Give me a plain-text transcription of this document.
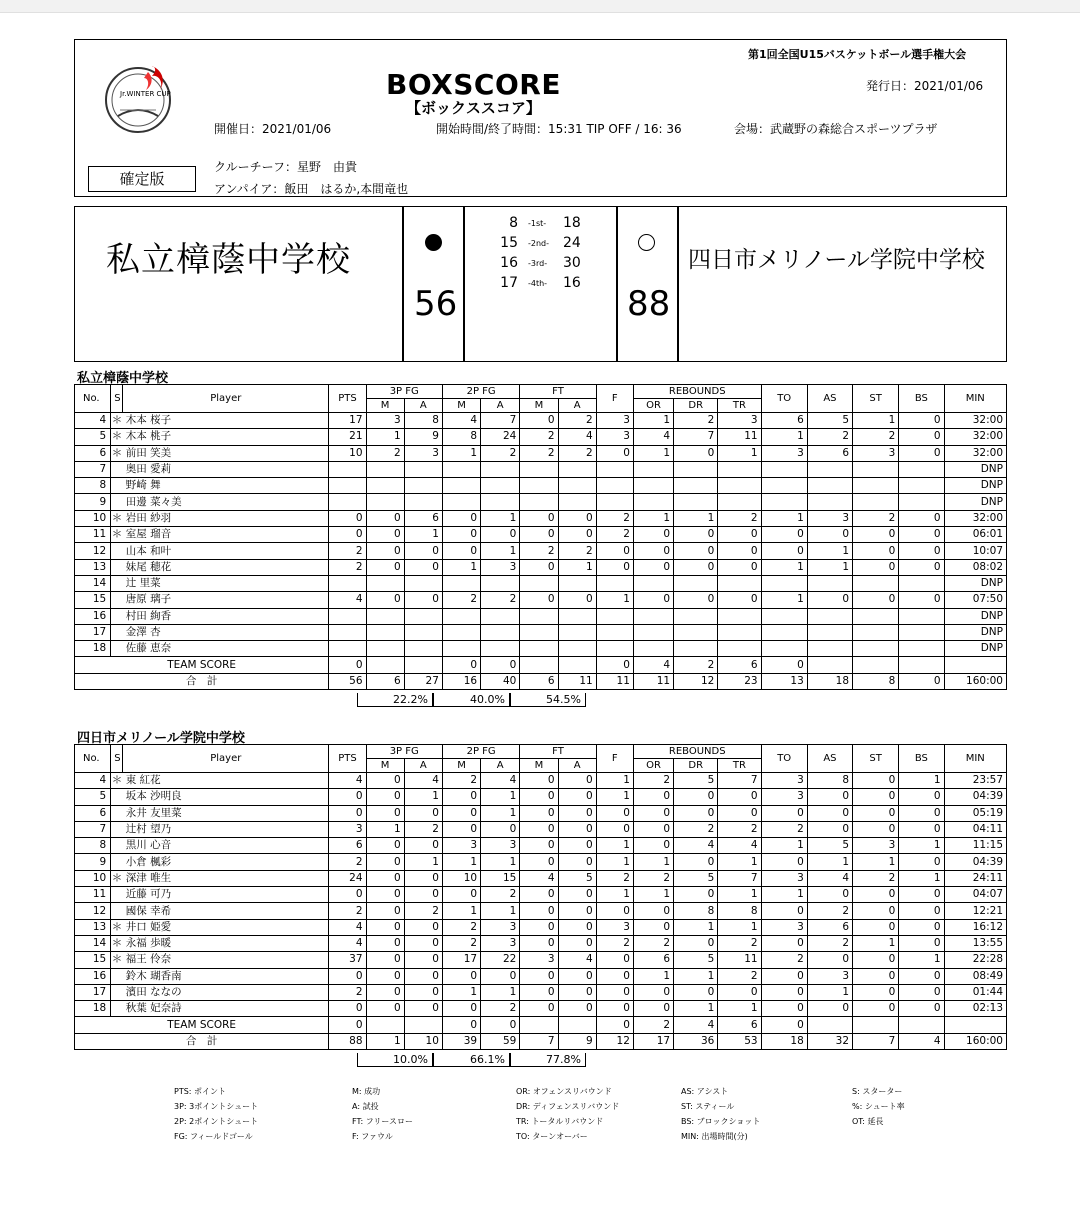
Jr.WINTER CUP
第1回全国U15バスケットボール選手権大会
BOXSCORE
【ボックススコア】
発行日：2021/01/06
開催日：2021/01/06	開始時間/終了時間：15:31 TIP OFF / 16: 36	会場：武蔵野の森総合スポーツプラザ
確定版
クルーチーフ：星野　由貴
アンパイア：飯田　はるか,本間竜也
私立樟蔭中学校	四日市メリノール学院中学校
56	88
8 -1st- 18
15 -2nd- 24
16 -3rd- 30
17 -4th- 16
私立樟蔭中学校
No.	S	Player	PTS	3P FG		2P FG		FT		F	REBOUNDS			TO	AS	ST	BS	MIN
				M	A	M	A	M	A		OR	DR	TR					
4	＊	木本 桜子	17	3	8	4	7	0	2	3	1	2	3	6	5	1	0	32:00
5	＊	木本 桃子	21	1	9	8	24	2	4	3	4	7	11	1	2	2	0	32:00
6	＊	前田 笑美	10	2	3	1	2	2	2	0	1	0	1	3	6	3	0	32:00
7		奥田 愛莉																DNP
8		野崎 舞																DNP
9		田邊 菜々美																DNP
10	＊	岩田 紗羽	0	0	6	0	1	0	0	2	1	1	2	1	3	2	0	32:00
11	＊	室屋 瑠音	0	0	1	0	0	0	0	2	0	0	0	0	0	0	0	06:01
12		山本 和叶	2	0	0	0	1	2	2	0	0	0	0	0	1	0	0	10:07
13		妹尾 穂花	2	0	0	1	3	0	1	0	0	0	0	1	1	0	0	08:02
14		辻 里菜																DNP
15		唐原 璃子	4	0	0	2	2	0	0	1	0	0	0	1	0	0	0	07:50
16		村田 絢香																DNP
17		金澤 杏																DNP
18		佐藤 恵奈																DNP
TEAM SCORE			0			0	0			0	4	2	6	0				
合　計			56	6	27	16	40	6	11	11	11	12	23	13	18	8	0	160:00
22.2%	40.0%	54.5%
四日市メリノール学院中学校
No.	S	Player	PTS	3P FG		2P FG		FT		F	REBOUNDS			TO	AS	ST	BS	MIN
				M	A	M	A	M	A		OR	DR	TR					
4	＊	東 紅花	4	0	4	2	4	0	0	1	2	5	7	3	8	0	1	23:57
5		坂本 沙明良	0	0	1	0	1	0	0	1	0	0	0	3	0	0	0	04:39
6		永井 友里菜	0	0	0	0	1	0	0	0	0	0	0	0	0	0	0	05:19
7		辻村 望乃	3	1	2	0	0	0	0	0	0	2	2	2	0	0	0	04:11
8		黒川 心音	6	0	0	3	3	0	0	1	0	4	4	1	5	3	1	11:15
9		小倉 楓彩	2	0	1	1	1	0	0	1	1	0	1	0	1	1	0	04:39
10	＊	深津 唯生	24	0	0	10	15	4	5	2	2	5	7	3	4	2	1	24:11
11		近藤 可乃	0	0	0	0	2	0	0	1	1	0	1	1	0	0	0	04:07
12		國保 幸希	2	0	2	1	1	0	0	0	0	8	8	0	2	0	0	12:21
13	＊	井口 姫愛	4	0	0	2	3	0	0	3	0	1	1	3	6	0	0	16:12
14	＊	永福 歩暖	4	0	0	2	3	0	0	2	2	0	2	0	2	1	0	13:55
15	＊	福王 伶奈	37	0	0	17	22	3	4	0	6	5	11	2	0	0	1	22:28
16		鈴木 瑚香南	0	0	0	0	0	0	0	0	1	1	2	0	3	0	0	08:49
17		濱田 ななの	2	0	0	1	1	0	0	0	0	0	0	0	1	0	0	01:44
18		秋葉 妃奈詩	0	0	0	0	2	0	0	0	0	1	1	0	0	0	0	02:13
TEAM SCORE			0			0	0			0	2	4	6	0				
合　計			88	1	10	39	59	7	9	12	17	36	53	18	32	7	4	160:00
10.0%	66.1%	77.8%
PTS: ポイント
3P: 3ポイントシュート
2P: 2ポイントシュート
FG: フィールドゴール
M: 成功
A: 試投
FT: フリースロー
F: ファウル
OR: オフェンスリバウンド
DR: ディフェンスリバウンド
TR: トータルリバウンド
TO: ターンオーバー
AS: アシスト
ST: スティール
BS: ブロックショット
MIN: 出場時間(分)
S: スターター
%: シュート率
OT: 延長
